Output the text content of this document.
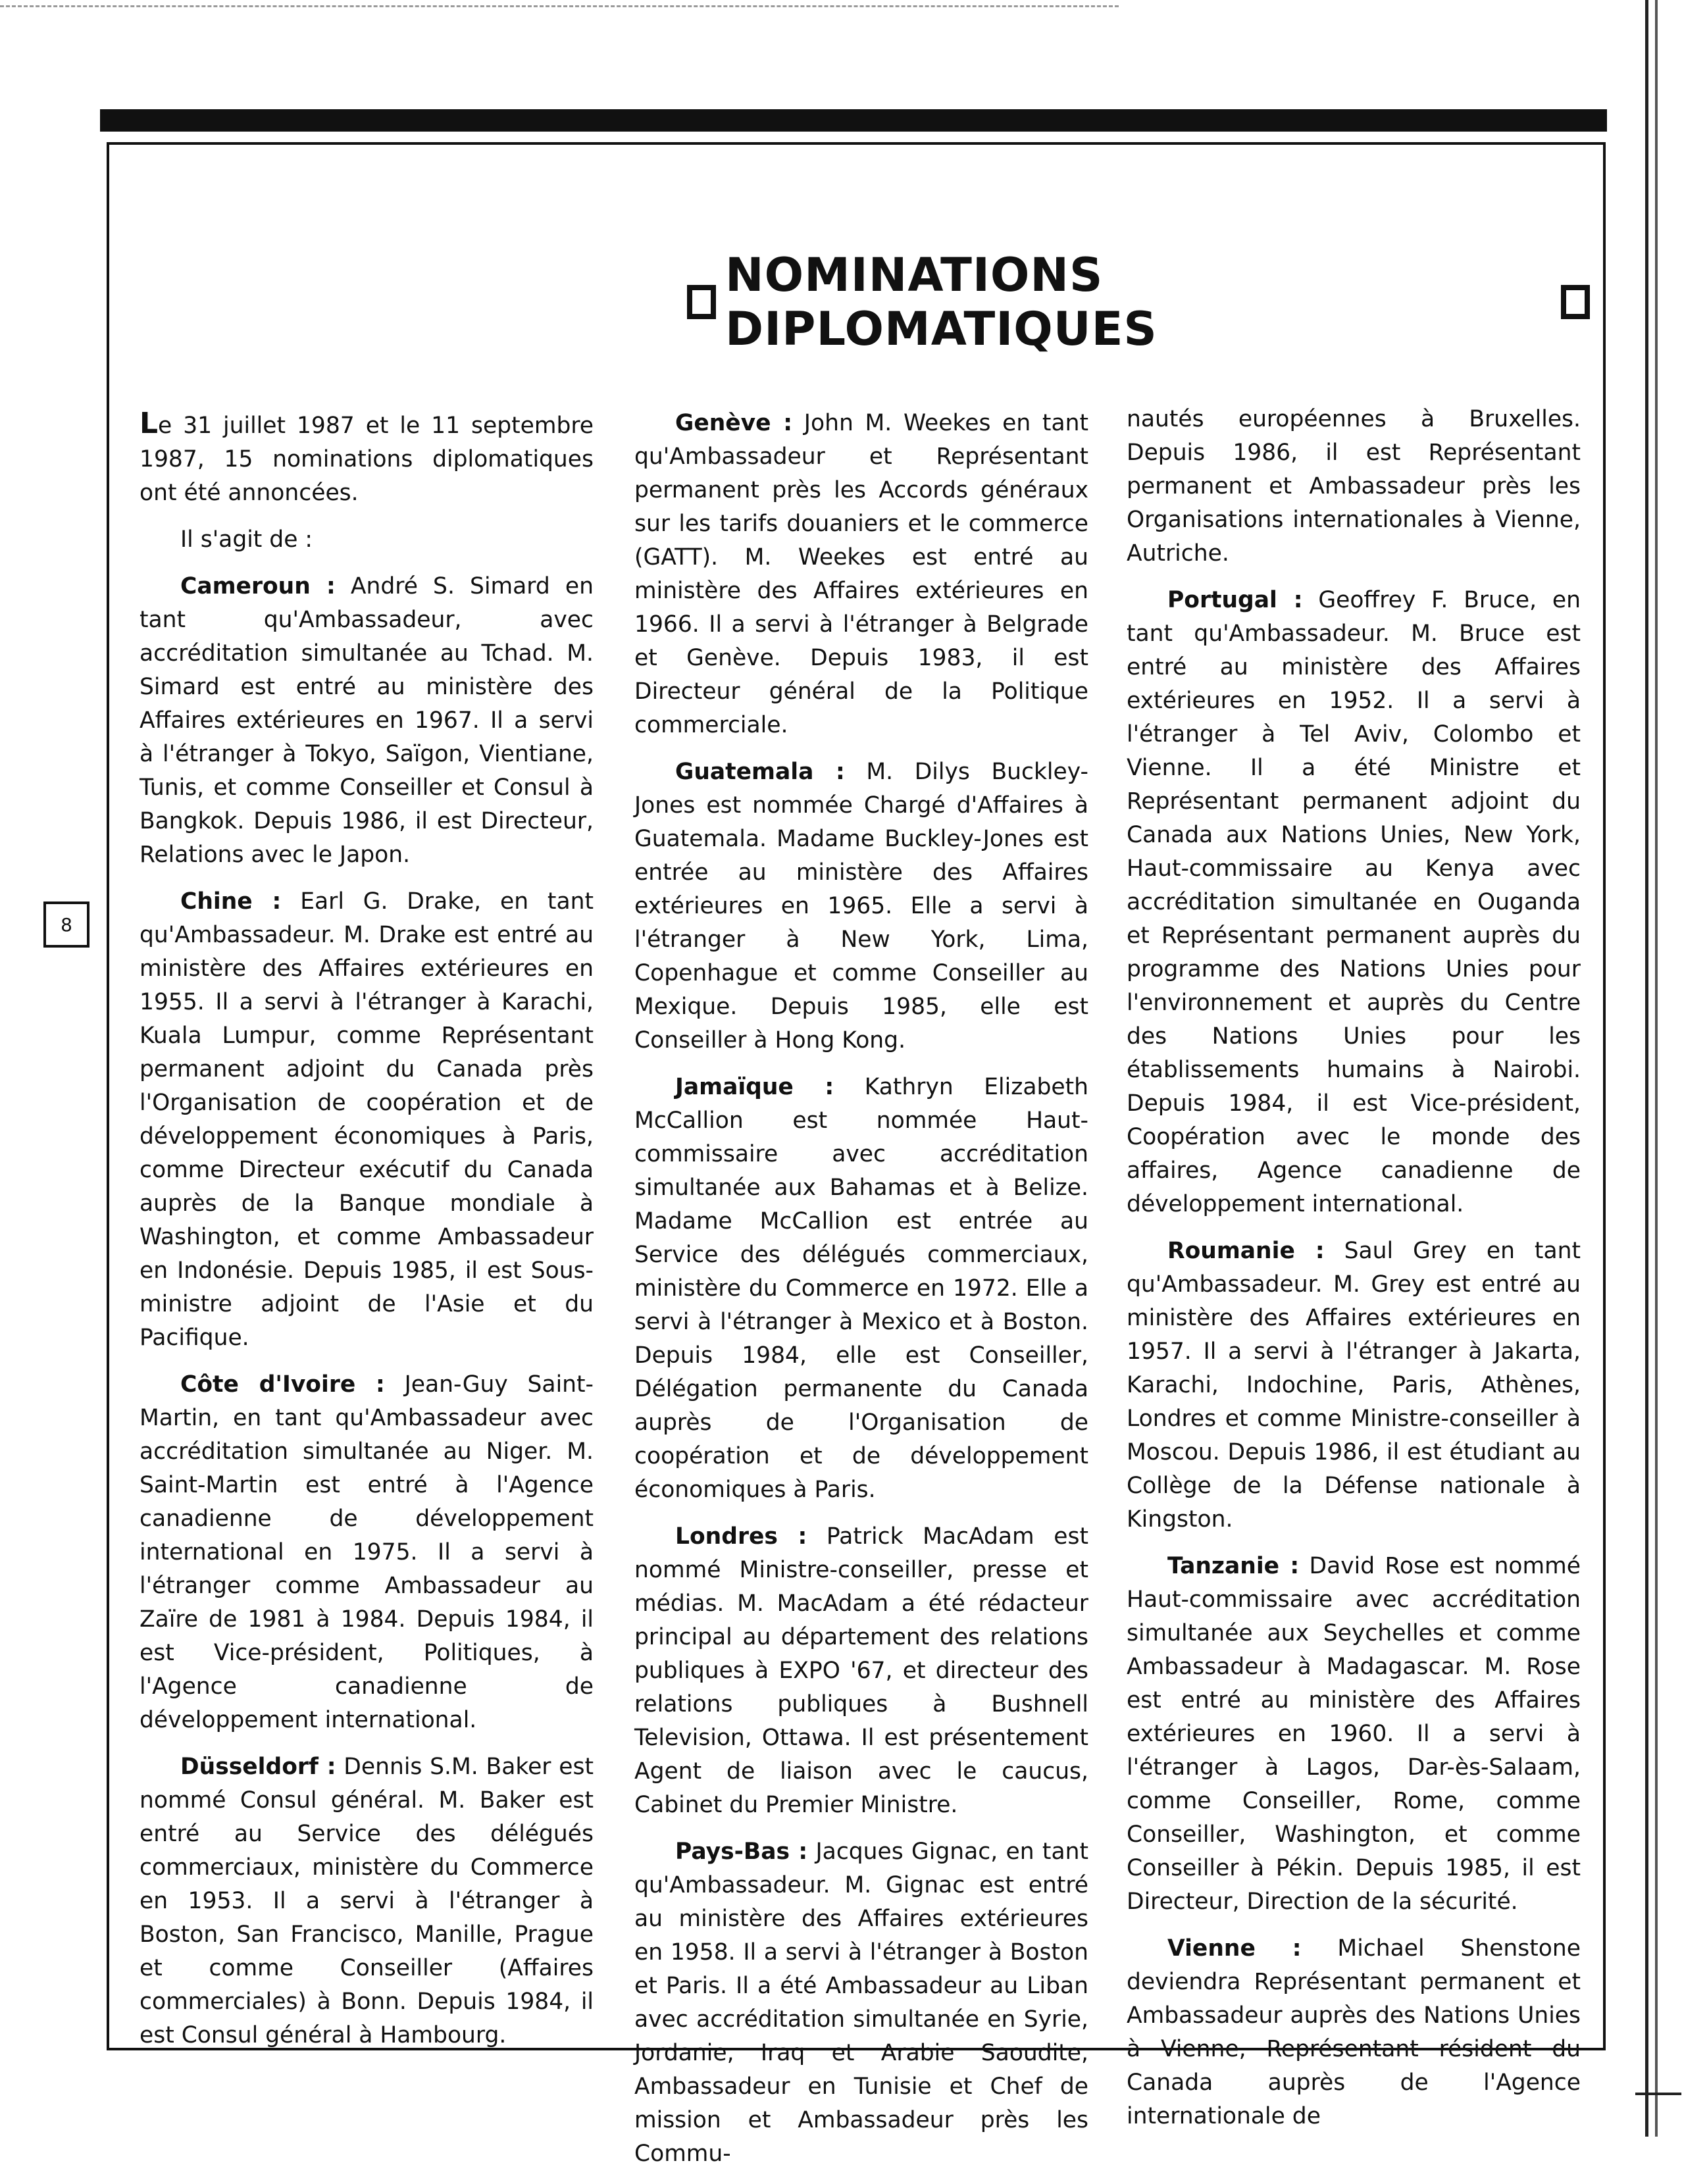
8
NOMINATIONS DIPLOMATIQUES

Le 31 juillet 1987 et le 11 septembre 1987, 15 nominations diplomatiques ont été annoncées.

Il s'agit de :

Cameroun : André S. Simard en tant qu'Ambassadeur, avec accréditation simultanée au Tchad. M. Simard est entré au ministère des Affaires extérieures en 1967. Il a servi à l'étranger à Tokyo, Saïgon, Vientiane, Tunis, et comme Conseiller et Consul à Bangkok. Depuis 1986, il est Directeur, Relations avec le Japon.

Chine : Earl G. Drake, en tant qu'Ambassadeur. M. Drake est entré au ministère des Affaires extérieures en 1955. Il a servi à l'étranger à Karachi, Kuala Lumpur, comme Représentant permanent adjoint du Canada près l'Organisation de coopération et de développement économiques à Paris, comme Directeur exécutif du Canada auprès de la Banque mondiale à Washington, et comme Ambassadeur en Indonésie. Depuis 1985, il est Sous-ministre adjoint de l'Asie et du Pacifique.

Côte d'Ivoire : Jean-Guy Saint-Martin, en tant qu'Ambassadeur avec accréditation simultanée au Niger. M. Saint-Martin est entré à l'Agence canadienne de développement international en 1975. Il a servi à l'étranger comme Ambassadeur au Zaïre de 1981 à 1984. Depuis 1984, il est Vice-président, Politiques, à l'Agence canadienne de développement international.

Düsseldorf : Dennis S.M. Baker est nommé Consul général. M. Baker est entré au Service des délégués commerciaux, ministère du Commerce en 1953. Il a servi à l'étranger à Boston, San Francisco, Manille, Prague et comme Conseiller (Affaires commerciales) à Bonn. Depuis 1984, il est Consul général à Hambourg.

Genève : John M. Weekes en tant qu'Ambassadeur et Représentant permanent près les Accords généraux sur les tarifs douaniers et le commerce (GATT). M. Weekes est entré au ministère des Affaires extérieures en 1966. Il a servi à l'étranger à Belgrade et Genève. Depuis 1983, il est Directeur général de la Politique commerciale.

Guatemala : M. Dilys Buckley-Jones est nommée Chargé d'Affaires à Guatemala. Madame Buckley-Jones est entrée au ministère des Affaires extérieures en 1965. Elle a servi à l'étranger à New York, Lima, Copenhague et comme Conseiller au Mexique. Depuis 1985, elle est Conseiller à Hong Kong.

Jamaïque : Kathryn Elizabeth McCallion est nommée Haut-commissaire avec accréditation simultanée aux Bahamas et à Belize. Madame McCallion est entrée au Service des délégués commerciaux, ministère du Commerce en 1972. Elle a servi à l'étranger à Mexico et à Boston. Depuis 1984, elle est Conseiller, Délégation permanente du Canada auprès de l'Organisation de coopération et de développement économiques à Paris.

Londres : Patrick MacAdam est nommé Ministre-conseiller, presse et médias. M. MacAdam a été rédacteur principal au département des relations publiques à EXPO '67, et directeur des relations publiques à Bushnell Television, Ottawa. Il est présentement Agent de liaison avec le caucus, Cabinet du Premier Ministre.

Pays-Bas : Jacques Gignac, en tant qu'Ambassadeur. M. Gignac est entré au ministère des Affaires extérieures en 1958. Il a servi à l'étranger à Boston et Paris. Il a été Ambassadeur au Liban avec accréditation simultanée en Syrie, Jordanie, Iraq et Arabie Saoudite, Ambassadeur en Tunisie et Chef de mission et Ambassadeur près les Commu-

nautés européennes à Bruxelles. Depuis 1986, il est Représentant permanent et Ambassadeur près les Organisations internationales à Vienne, Autriche.

Portugal : Geoffrey F. Bruce, en tant qu'Ambassadeur. M. Bruce est entré au ministère des Affaires extérieures en 1952. Il a servi à l'étranger à Tel Aviv, Colombo et Vienne. Il a été Ministre et Représentant permanent adjoint du Canada aux Nations Unies, New York, Haut-commissaire au Kenya avec accréditation simultanée en Ouganda et Représentant permanent auprès du programme des Nations Unies pour l'environnement et auprès du Centre des Nations Unies pour les établissements humains à Nairobi. Depuis 1984, il est Vice-président, Coopération avec le monde des affaires, Agence canadienne de développement international.

Roumanie : Saul Grey en tant qu'Ambassadeur. M. Grey est entré au ministère des Affaires extérieures en 1957. Il a servi à l'étranger à Jakarta, Karachi, Indochine, Paris, Athènes, Londres et comme Ministre-conseiller à Moscou. Depuis 1986, il est étudiant au Collège de la Défense nationale à Kingston.

Tanzanie : David Rose est nommé Haut-commissaire avec accréditation simultanée aux Seychelles et comme Ambassadeur à Madagascar. M. Rose est entré au ministère des Affaires extérieures en 1960. Il a servi à l'étranger à Lagos, Dar-ès-Salaam, comme Conseiller, Rome, comme Conseiller, Washington, et comme Conseiller à Pékin. Depuis 1985, il est Directeur, Direction de la sécurité.

Vienne : Michael Shenstone deviendra Représentant permanent et Ambassadeur auprès des Nations Unies à Vienne, Représentant résident du Canada auprès de l'Agence internationale de
